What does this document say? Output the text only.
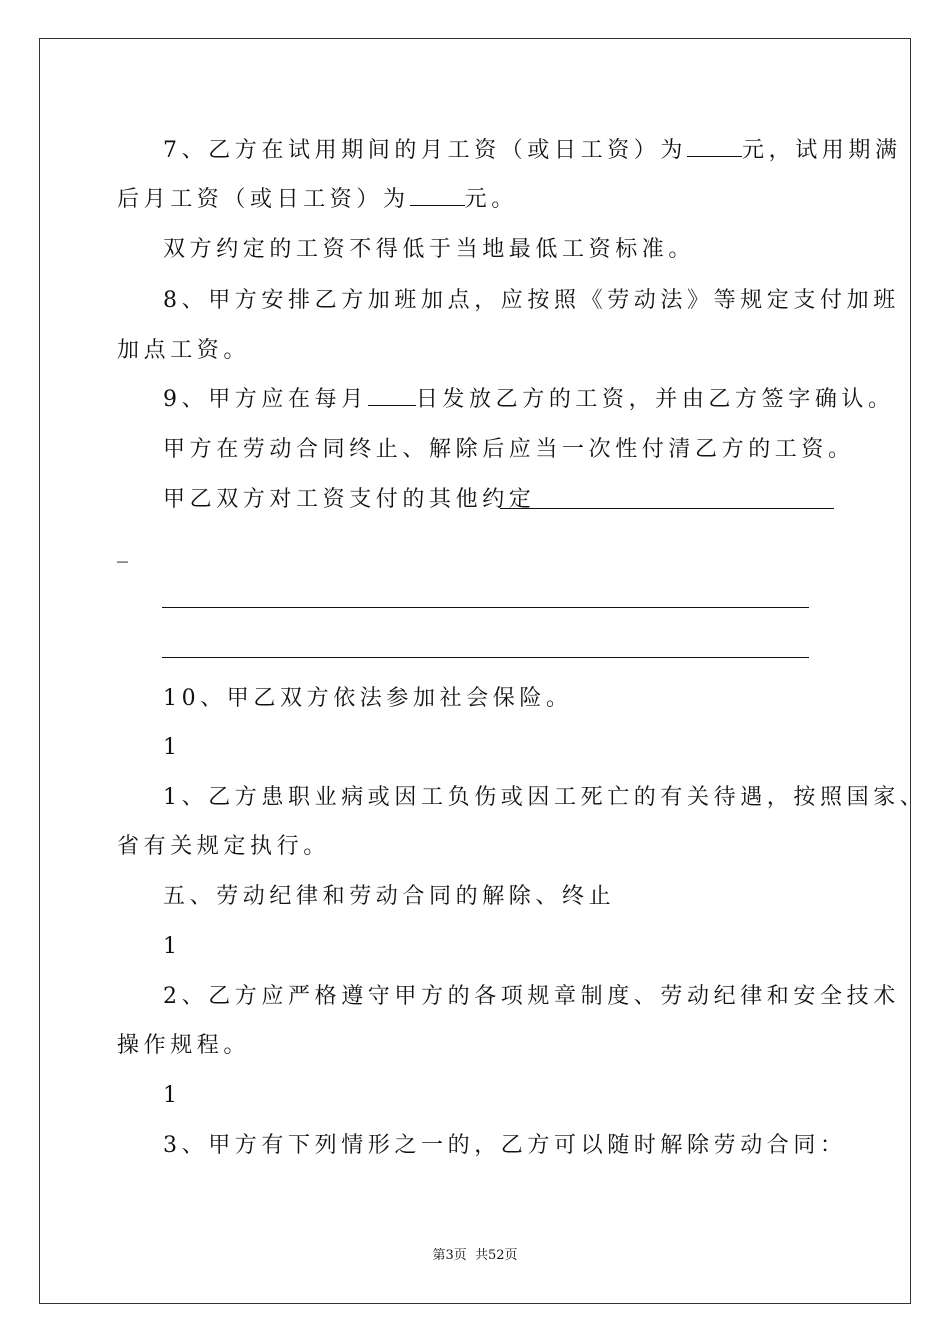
7、乙方在试用期间的月工资（或日工资）为	元，试用期满
后月工资（或日工资）为	元。
双方约定的工资不得低于当地最低工资标准。
8、甲方安排乙方加班加点，应按照《劳动法》等规定支付加班
加点工资。
9、甲方应在每月 日发放乙方的工资，并由乙方签字确认。
甲方在劳动合同终止、解除后应当一次性付清乙方的工资。
甲乙双方对工资支付的其他约定
_
10、甲乙双方依法参加社会保险。
1
1、乙方患职业病或因工负伤或因工死亡的有关待遇，按照国家、
省有关规定执行。
五、劳动纪律和劳动合同的解除、终止
1
2、乙方应严格遵守甲方的各项规章制度、劳动纪律和安全技术
操作规程。
1
3、甲方有下列情形之一的，乙方可以随时解除劳动合同：
第3页 共52页
